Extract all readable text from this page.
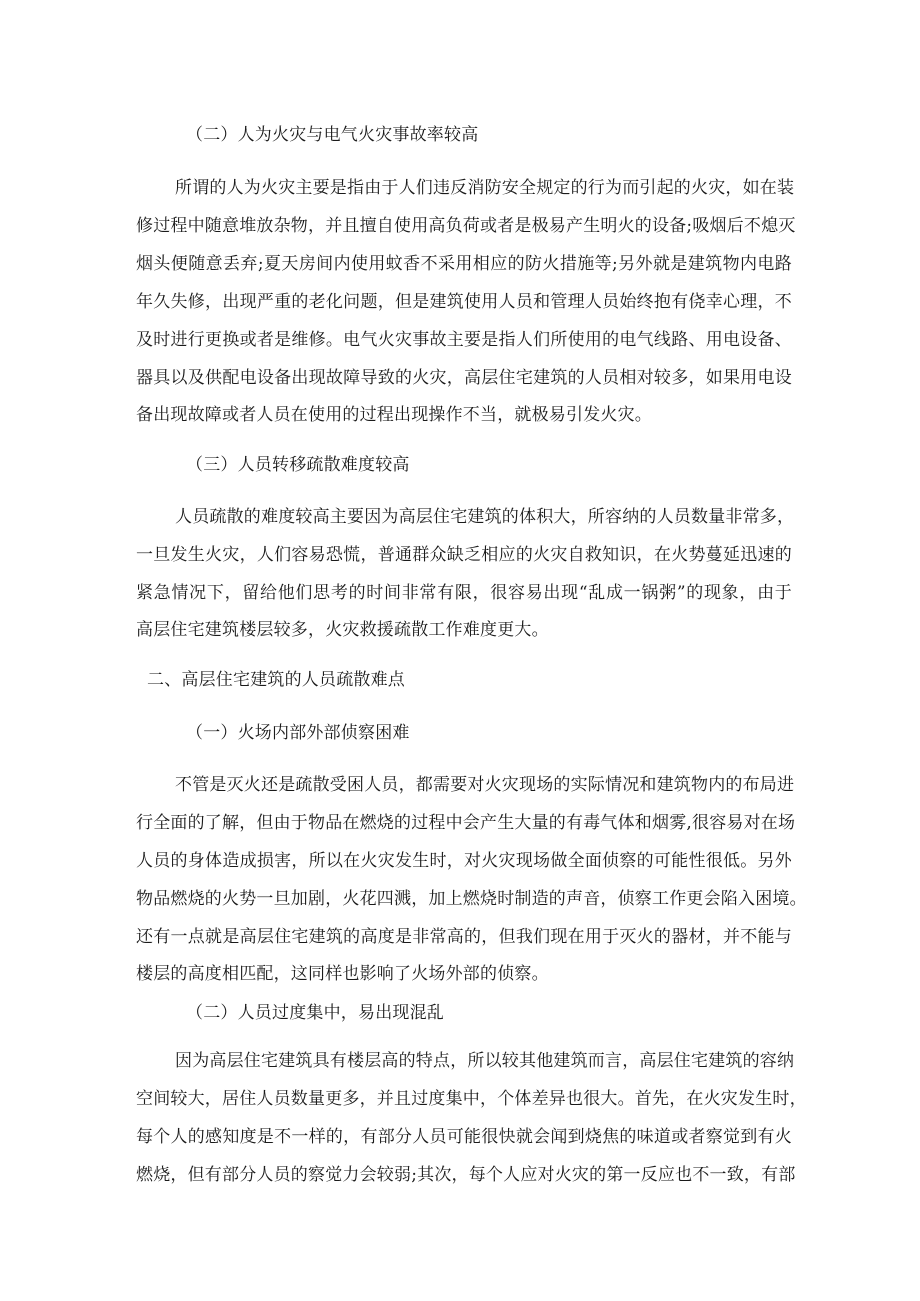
（二）人为火灾与电气火灾事故率较高
所谓的人为火灾主要是指由于人们违反消防安全规定的行为而引起的火灾，如在装
修过程中随意堆放杂物，并且擅自使用高负荷或者是极易产生明火的设备;吸烟后不熄灭
烟头便随意丢弃;夏天房间内使用蚊香不采用相应的防火措施等;另外就是建筑物内电路
年久失修，出现严重的老化问题，但是建筑使用人员和管理人员始终抱有侥幸心理，不
及时进行更换或者是维修。电气火灾事故主要是指人们所使用的电气线路、用电设备、
器具以及供配电设备出现故障导致的火灾，高层住宅建筑的人员相对较多，如果用电设
备出现故障或者人员在使用的过程出现操作不当，就极易引发火灾。
（三）人员转移疏散难度较高
人员疏散的难度较高主要因为高层住宅建筑的体积大，所容纳的人员数量非常多，
一旦发生火灾，人们容易恐慌，普通群众缺乏相应的火灾自救知识，在火势蔓延迅速的
紧急情况下，留给他们思考的时间非常有限，很容易出现“乱成一锅粥”的现象，由于
高层住宅建筑楼层较多，火灾救援疏散工作难度更大。
二、高层住宅建筑的人员疏散难点
（一）火场内部外部侦察困难
不管是灭火还是疏散受困人员，都需要对火灾现场的实际情况和建筑物内的布局进
行全面的了解，但由于物品在燃烧的过程中会产生大量的有毒气体和烟雾,很容易对在场
人员的身体造成损害，所以在火灾发生时，对火灾现场做全面侦察的可能性很低。另外
物品燃烧的火势一旦加剧，火花四溅，加上燃烧时制造的声音，侦察工作更会陷入困境。
还有一点就是高层住宅建筑的高度是非常高的，但我们现在用于灭火的器材，并不能与
楼层的高度相匹配，这同样也影响了火场外部的侦察。
（二）人员过度集中，易出现混乱
因为高层住宅建筑具有楼层高的特点，所以较其他建筑而言，高层住宅建筑的容纳
空间较大，居住人员数量更多，并且过度集中，个体差异也很大。首先，在火灾发生时，
每个人的感知度是不一样的，有部分人员可能很快就会闻到烧焦的味道或者察觉到有火
燃烧，但有部分人员的察觉力会较弱;其次，每个人应对火灾的第一反应也不一致，有部
